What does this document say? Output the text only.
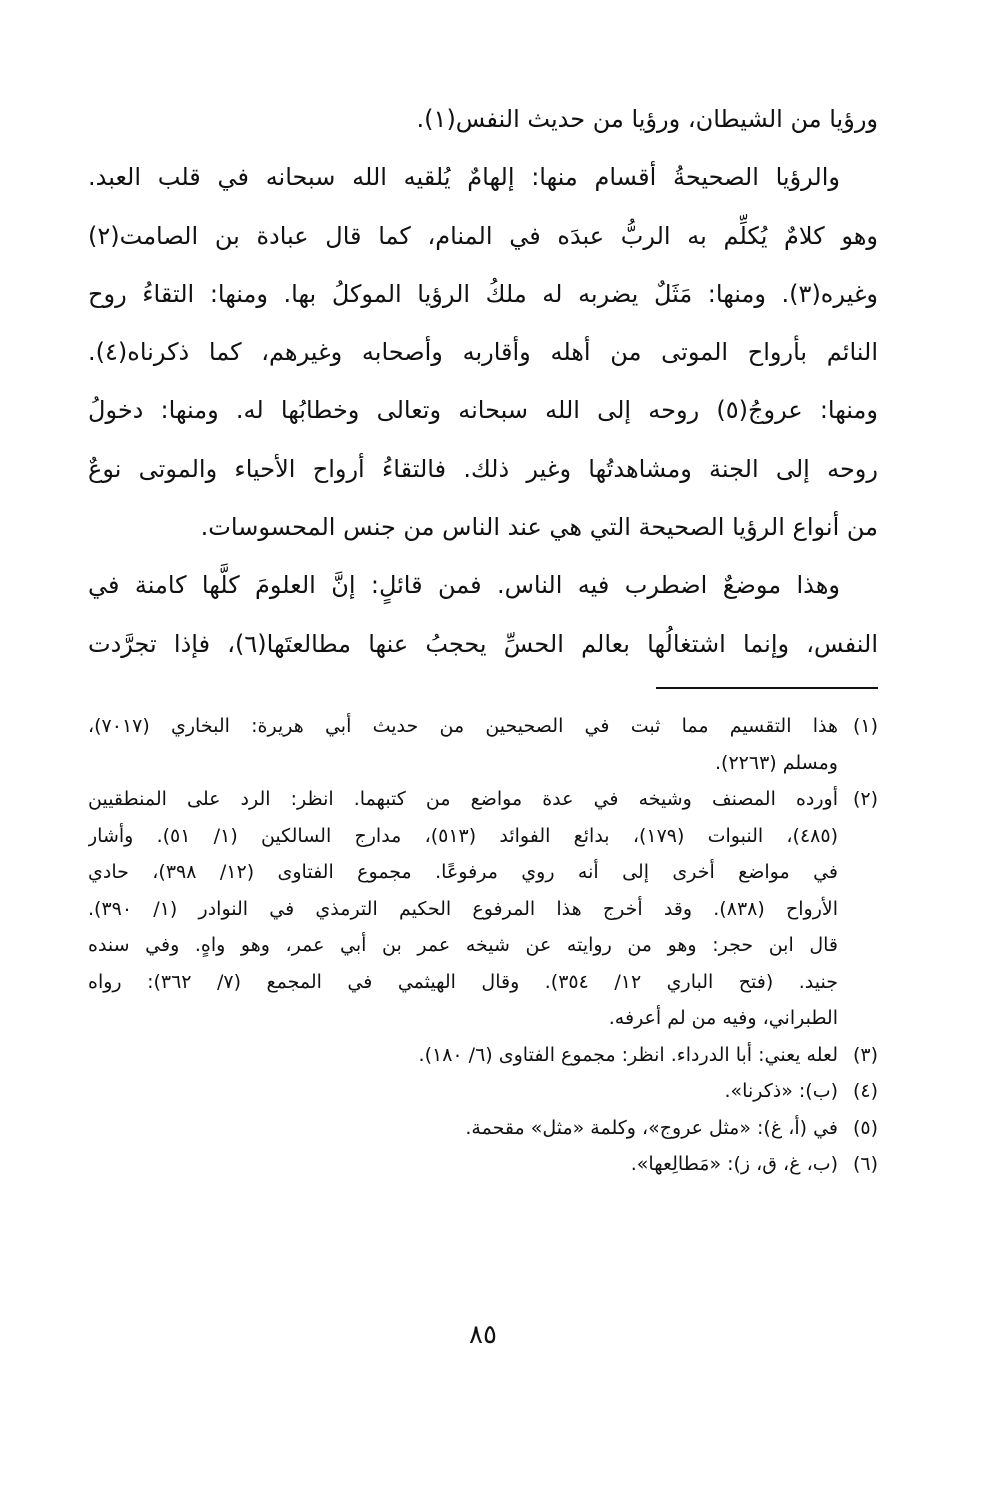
ورؤيا من الشيطان، ورؤيا من حديث النفس(١).
والرؤيا الصحيحةُ أقسام منها: إلهامٌ يُلقيه الله سبحانه في قلب العبد.
وهو كلامٌ يُكلِّم به الربُّ عبدَه في المنام، كما قال عبادة بن الصامت(٢)
وغيره(٣). ومنها: مَثَلٌ يضربه له ملكُ الرؤيا الموكلُ بها. ومنها: التقاءُ روح
النائم بأرواح الموتى من أهله وأقاربه وأصحابه وغيرهم، كما ذكرناه(٤).
ومنها: عروجُ(٥) روحه إلى الله سبحانه وتعالى وخطابُها له. ومنها: دخولُ
روحه إلى الجنة ومشاهدتُها وغير ذلك. فالتقاءُ أرواح الأحياء والموتى نوعٌ
من أنواع الرؤيا الصحيحة التي هي عند الناس من جنس المحسوسات.
وهذا موضعٌ اضطرب فيه الناس. فمن قائلٍ: إنَّ العلومَ كلَّها كامنة في
النفس، وإنما اشتغالُها بعالم الحسِّ يحجبُ عنها مطالعتَها(٦)، فإذا تجرَّدت
(١)
هذا التقسيم مما ثبت في الصحيحين من حديث أبي هريرة: البخاري (٧٠١٧)،
ومسلم (٢٢٦٣).
(٢)
أورده المصنف وشيخه في عدة مواضع من كتبهما. انظر: الرد على المنطقيين
(٤٨٥)، النبوات (١٧٩)، بدائع الفوائد (٥١٣)، مدارج السالكين (١/ ٥١). وأشار
في مواضع أخرى إلى أنه روي مرفوعًا. مجموع الفتاوى (١٢/ ٣٩٨)، حادي
الأرواح (٨٣٨). وقد أخرج هذا المرفوع الحكيم الترمذي في النوادر (١/ ٣٩٠).
قال ابن حجر: وهو من روايته عن شيخه عمر بن أبي عمر، وهو واهٍ. وفي سنده
جنيد. (فتح الباري ١٢/ ٣٥٤). وقال الهيثمي في المجمع (٧/ ٣٦٢): رواه
الطبراني، وفيه من لم أعرفه.
(٣)
لعله يعني: أبا الدرداء. انظر: مجموع الفتاوى (٦/ ١٨٠).
(٤)
(ب): «ذكرنا».
(٥)
في (أ، غ): «مثل عروج»، وكلمة «مثل» مقحمة.
(٦)
(ب، غ، ق، ز): «مَطالِعها».
٨٥
